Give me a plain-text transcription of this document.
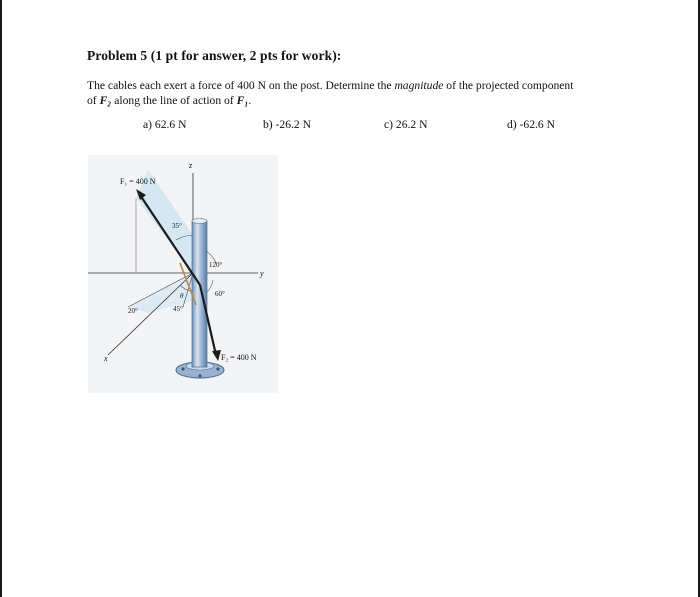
Problem 5 (1 pt for answer, 2 pts for work):
The cables each exert a force of 400 N on the post. Determine the magnitude of the projected component
of F₂ along the line of action of F₁.
a) 62.6 N	b) -26.2 N	c) 26.2 N	d) -62.6 N
F₁ = 400 N
F₂ = 400 N
z
y
x
35°
120°
60°
45°
20°
θ
